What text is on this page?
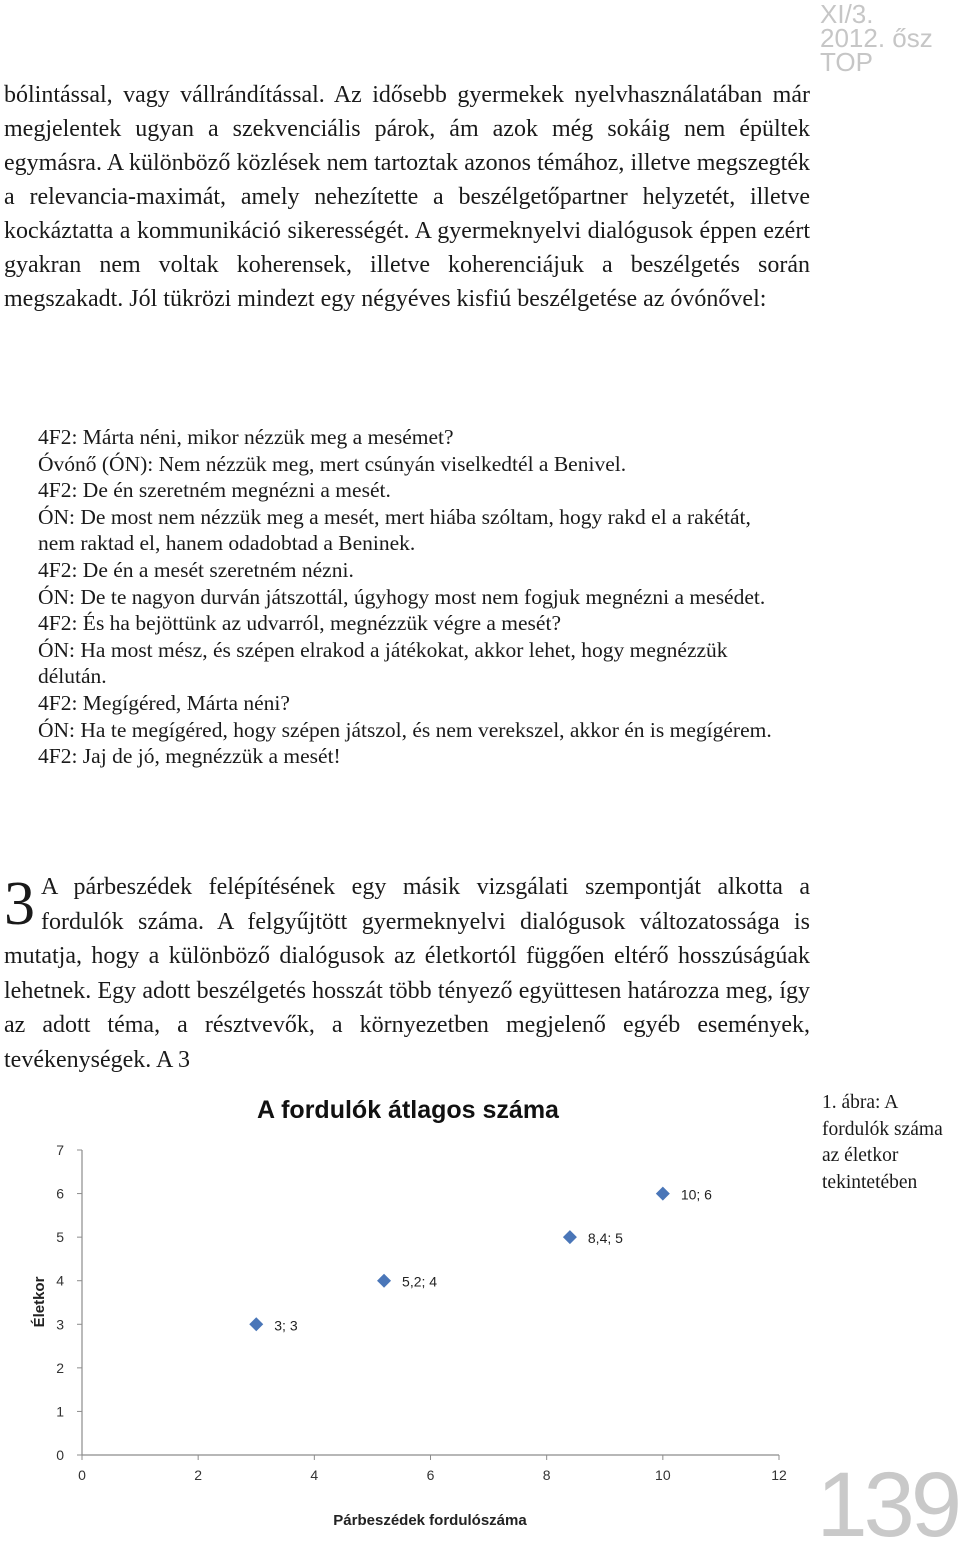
XI/3.
2012. ősz
TOP

bólintással, vagy vállrándítással. Az idősebb gyermekek nyelvhasználatában már megjelentek ugyan a szekvenciális párok, ám azok még sokáig nem épültek egymásra. A különböző közlések nem tartoztak azonos témához, illetve megszegték a relevancia-maximát, amely nehezítette a beszélgetőpartner helyzetét, illetve kockáztatta a kommunikáció sikerességét. A gyermeknyelvi dialógusok éppen ezért gyakran nem voltak koherensek, illetve koherenciájuk a beszélgetés során megszakadt. Jól tükrözi mindezt egy négyéves kisfiú beszélgetése az óvónővel:

4F2: Márta néni, mikor nézzük meg a mesémet?

Óvónő (ÓN): Nem nézzük meg, mert csúnyán viselkedtél a Benivel.

4F2: De én szeretném megnézni a mesét.

ÓN: De most nem nézzük meg a mesét, mert hiába szóltam, hogy rakd el a rakétát, nem raktad el, hanem odadobtad a Beninek.

4F2: De én a mesét szeretném nézni.

ÓN: De te nagyon durván játszottál, úgyhogy most nem fogjuk megnézni a mesédet.

4F2: És ha bejöttünk az udvarról, megnézzük végre a mesét?

ÓN: Ha most mész, és szépen elrakod a játékokat, akkor lehet, hogy megnézzük délután.

4F2: Megígéred, Márta néni?

ÓN: Ha te megígéred, hogy szépen játszol, és nem verekszel, akkor én is megígérem.

4F2: Jaj de jó, megnézzük a mesét!

3 A párbeszédek felépítésének egy másik vizsgálati szempontját alkotta a fordulók száma. A felgyűjtött gyermeknyelvi dialógusok változatossága is mutatja, hogy a különböző dialógusok az életkortól függően eltérő hosszúságúak lehetnek. Egy adott beszélgetés hosszát több tényező együttesen határozza meg, így az adott téma, a résztvevők, a környezetben megjelenő egyéb események, tevékenységek. A 3
A fordulók átlagos száma
0
1
2
3
4
5
6
7
0	2	4	6	8	10	12
3; 3
5,2; 4
8,4; 5
10; 6
Párbeszédek fordulószáma
Életkor
1. ábra: A fordulók száma az életkor tekintetében
139
